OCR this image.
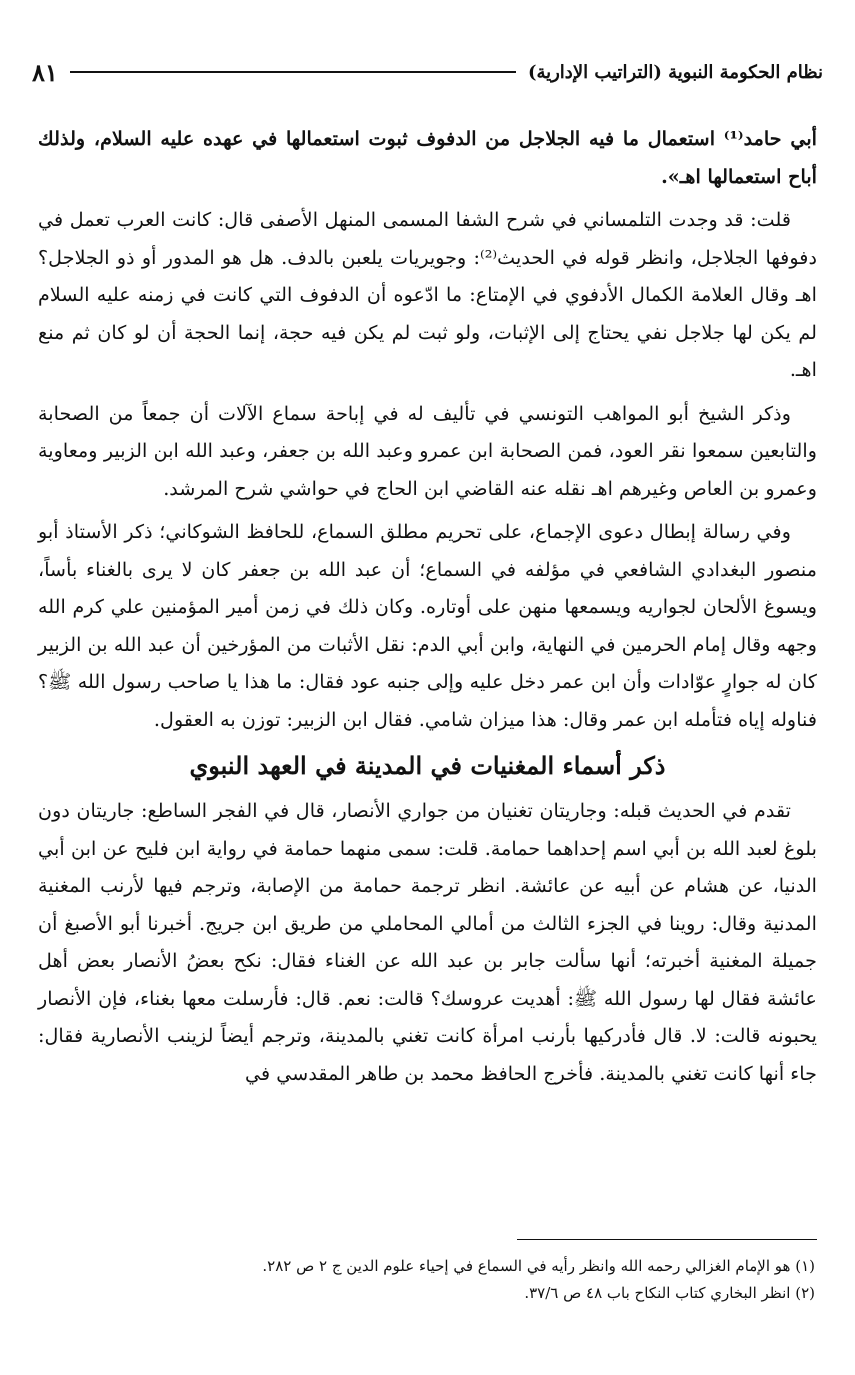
نظام الحكومة النبوية (التراتيب الإدارية)
٨١

أبي حامد⁽¹⁾ استعمال ما فيه الجلاجل من الدفوف ثبوت استعمالها في عهده عليه السلام، ولذلك أباح استعمالها اهـ».

قلت: قد وجدت التلمساني في شرح الشفا المسمى المنهل الأصفى قال: كانت العرب تعمل في دفوفها الجلاجل، وانظر قوله في الحديث⁽²⁾: وجويريات يلعبن بالدف. هل هو المدور أو ذو الجلاجل؟ اهـ وقال العلامة الكمال الأدفوي في الإمتاع: ما ادّعوه أن الدفوف التي كانت في زمنه عليه السلام لم يكن لها جلاجل نفي يحتاج إلى الإثبات، ولو ثبت لم يكن فيه حجة، إنما الحجة أن لو كان ثم منع اهـ.

وذكر الشيخ أبو المواهب التونسي في تأليف له في إباحة سماع الآلات أن جمعاً من الصحابة والتابعين سمعوا نقر العود، فمن الصحابة ابن عمرو وعبد الله بن جعفر، وعبد الله ابن الزبير ومعاوية وعمرو بن العاص وغيرهم اهـ نقله عنه القاضي ابن الحاج في حواشي شرح المرشد.

وفي رسالة إبطال دعوى الإجماع، على تحريم مطلق السماع، للحافظ الشوكاني؛ ذكر الأستاذ أبو منصور البغدادي الشافعي في مؤلفه في السماع؛ أن عبد الله بن جعفر كان لا يرى بالغناء بأساً، ويسوغ الألحان لجواريه ويسمعها منهن على أوتاره. وكان ذلك في زمن أمير المؤمنين علي كرم الله وجهه وقال إمام الحرمين في النهاية، وابن أبي الدم: نقل الأثبات من المؤرخين أن عبد الله بن الزبير كان له جوارٍ عوّادات وأن ابن عمر دخل عليه وإلى جنبه عود فقال: ما هذا يا صاحب رسول الله ﷺ؟ فناوله إياه فتأمله ابن عمر وقال: هذا ميزان شامي. فقال ابن الزبير: توزن به العقول.

ذكر أسماء المغنيات في المدينة في العهد النبوي

تقدم في الحديث قبله: وجاريتان تغنيان من جواري الأنصار، قال في الفجر الساطع: جاريتان دون بلوغ لعبد الله بن أبي اسم إحداهما حمامة. قلت: سمى منهما حمامة في رواية ابن فليح عن ابن أبي الدنيا، عن هشام عن أبيه عن عائشة. انظر ترجمة حمامة من الإصابة، وترجم فيها لأرنب المغنية المدنية وقال: روينا في الجزء الثالث من أمالي المحاملي من طريق ابن جريج. أخبرنا أبو الأصبغ أن جميلة المغنية أخبرته؛ أنها سألت جابر بن عبد الله عن الغناء فقال: نكح بعضُ الأنصار بعض أهل عائشة فقال لها رسول الله ﷺ: أهديت عروسك؟ قالت: نعم. قال: فأرسلت معها بغناء، فإن الأنصار يحبونه قالت: لا. قال فأدركيها بأرنب امرأة كانت تغني بالمدينة، وترجم أيضاً لزينب الأنصارية فقال: جاء أنها كانت تغني بالمدينة. فأخرج الحافظ محمد بن طاهر المقدسي في

(١) هو الإمام الغزالي رحمه الله وانظر رأيه في السماع في إحياء علوم الدين ج ٢ ص ٢٨٢.

(٢) انظر البخاري كتاب النكاح باب ٤٨ ص ٣٧/٦.
